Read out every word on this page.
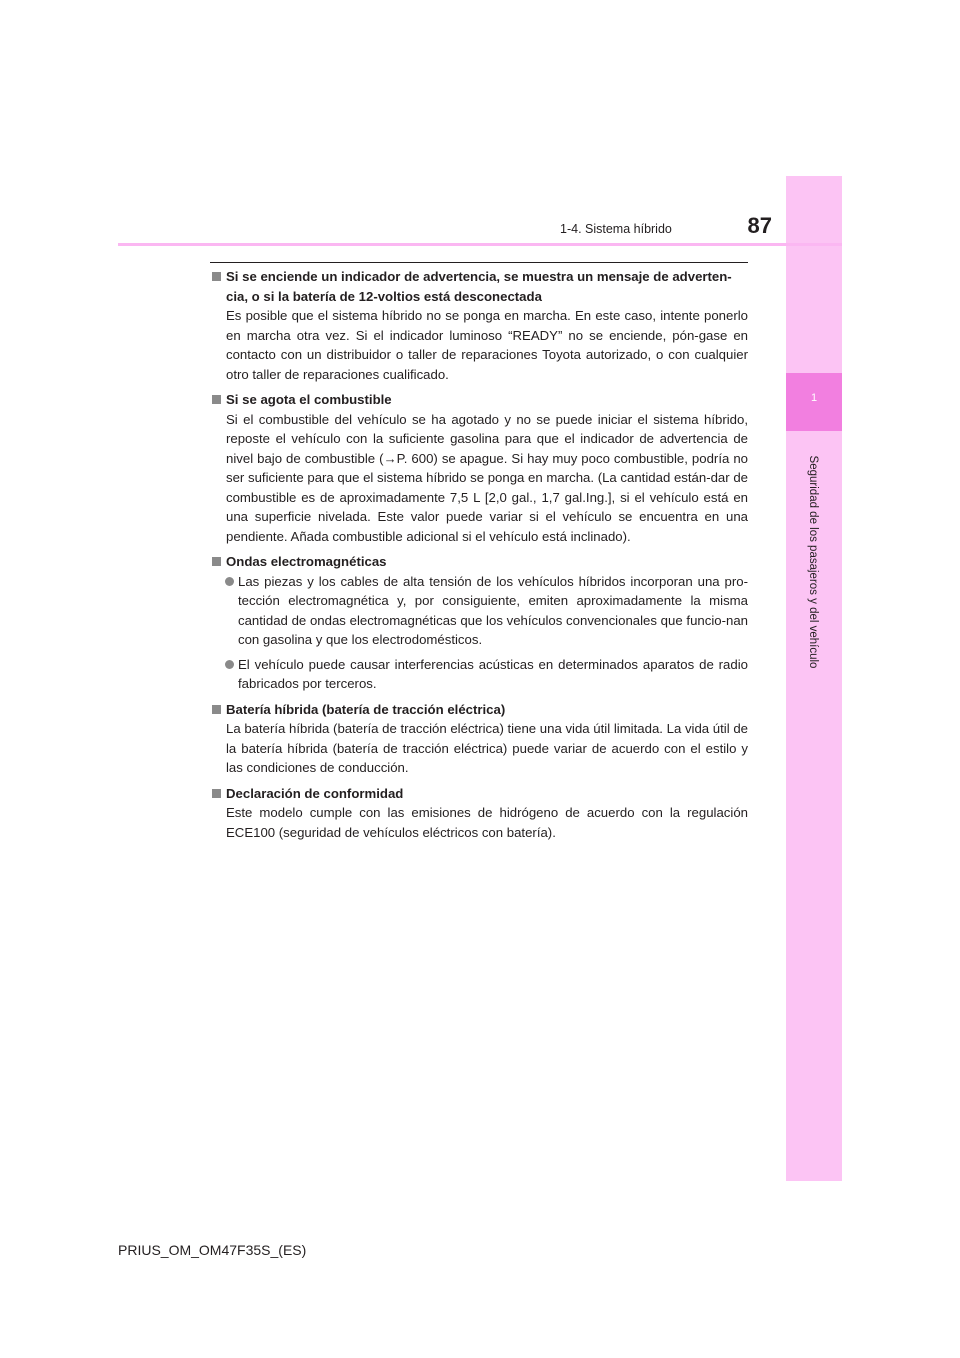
1
Seguridad de los pasajeros y del vehículo
1-4. Sistema híbrido	87
Si se enciende un indicador de advertencia, se muestra un mensaje de adverten-cia, o si la batería de 12-voltios está desconectada
Es posible que el sistema híbrido no se ponga en marcha. En este caso, intente ponerlo en marcha otra vez. Si el indicador luminoso “READY” no se enciende, pón-gase en contacto con un distribuidor o taller de reparaciones Toyota autorizado, o con cualquier otro taller de reparaciones cualificado.
Si se agota el combustible
Si el combustible del vehículo se ha agotado y no se puede iniciar el sistema híbrido, reposte el vehículo con la suficiente gasolina para que el indicador de advertencia de nivel bajo de combustible (→P. 600) se apague. Si hay muy poco combustible, podría no ser suficiente para que el sistema híbrido se ponga en marcha. (La cantidad están-dar de combustible es de aproximadamente 7,5 L [2,0 gal., 1,7 gal.Ing.], si el vehículo está en una superficie nivelada. Este valor puede variar si el vehículo se encuentra en una pendiente. Añada combustible adicional si el vehículo está inclinado).
Ondas electromagnéticas
Las piezas y los cables de alta tensión de los vehículos híbridos incorporan una pro-tección electromagnética y, por consiguiente, emiten aproximadamente la misma cantidad de ondas electromagnéticas que los vehículos convencionales que funcio-nan con gasolina y que los electrodomésticos.
El vehículo puede causar interferencias acústicas en determinados aparatos de radio fabricados por terceros.
Batería híbrida (batería de tracción eléctrica)
La batería híbrida (batería de tracción eléctrica) tiene una vida útil limitada. La vida útil de la batería híbrida (batería de tracción eléctrica) puede variar de acuerdo con el estilo y las condiciones de conducción.
Declaración de conformidad
Este modelo cumple con las emisiones de hidrógeno de acuerdo con la regulación ECE100 (seguridad de vehículos eléctricos con batería).
PRIUS_OM_OM47F35S_(ES)
